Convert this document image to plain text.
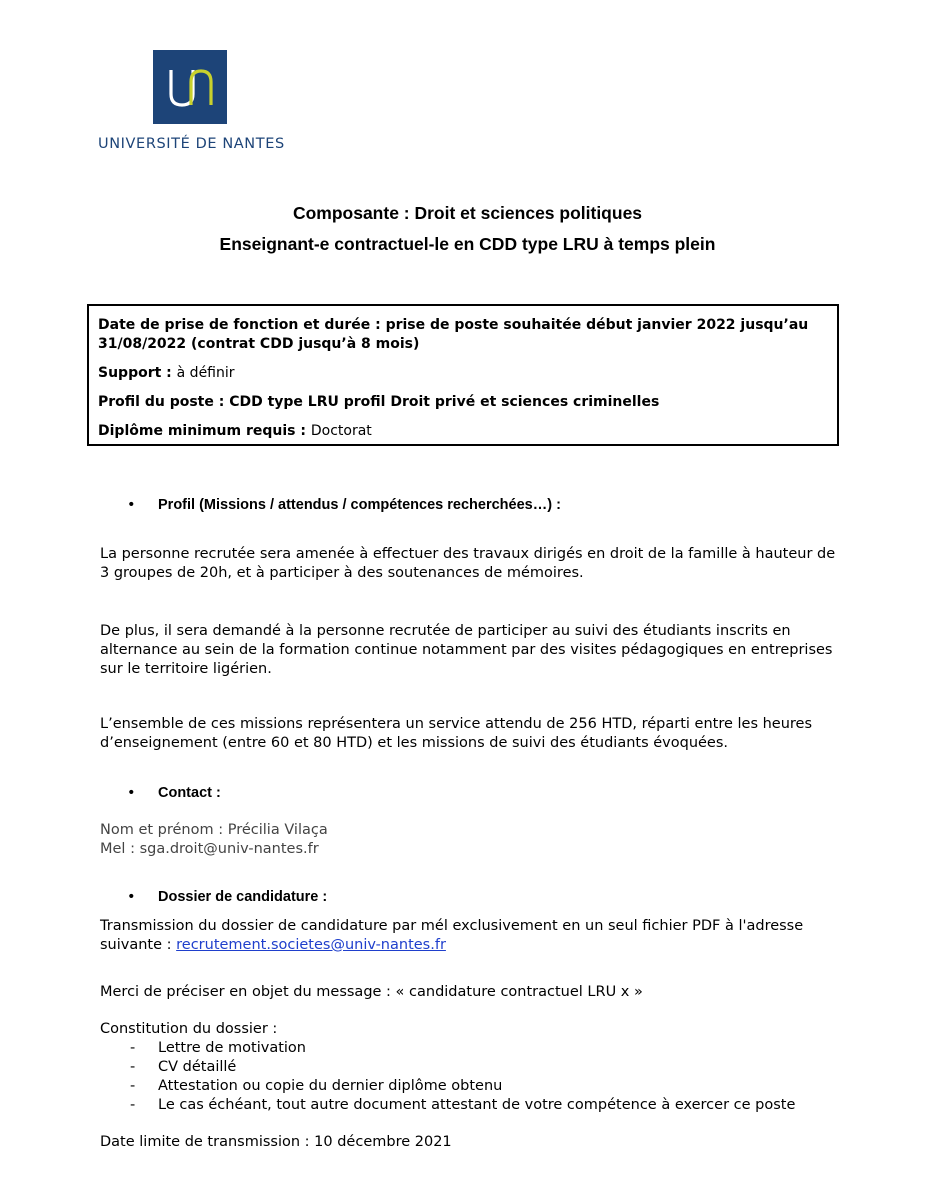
UNIVERSITÉ DE NANTES
Composante : Droit et sciences politiques
Enseignant-e contractuel-le en CDD type LRU à temps plein

Date de prise de fonction et durée : prise de poste souhaitée début janvier 2022 jusqu’au 31/08/2022 (contrat CDD jusqu’à 8 mois)

Support : à définir

Profil du poste : CDD type LRU profil Droit privé et sciences criminelles

Diplôme minimum requis : Doctorat

• Profil (Missions / attendus / compétences recherchées…) :

La personne recrutée sera amenée à effectuer des travaux dirigés en droit de la famille à hauteur de 3 groupes de 20h, et à participer à des soutenances de mémoires.

De plus, il sera demandé à la personne recrutée de participer au suivi des étudiants inscrits en alternance au sein de la formation continue notamment par des visites pédagogiques en entreprises sur le territoire ligérien.

L’ensemble de ces missions représentera un service attendu de 256 HTD, réparti entre les heures d’enseignement (entre 60 et 80 HTD) et les missions de suivi des étudiants évoquées.

• Contact :

Nom et prénom : Précilia Vilaça

Mel : sga.droit@univ-nantes.fr

• Dossier de candidature :

Transmission du dossier de candidature par mél exclusivement en un seul fichier PDF à l'adresse suivante : recrutement.societes@univ-nantes.fr

Merci de préciser en objet du message : « candidature contractuel LRU x »

Constitution du dossier :
- Lettre de motivation
- CV détaillé
- Attestation ou copie du dernier diplôme obtenu
- Le cas échéant, tout autre document attestant de votre compétence à exercer ce poste

Date limite de transmission : 10 décembre 2021
